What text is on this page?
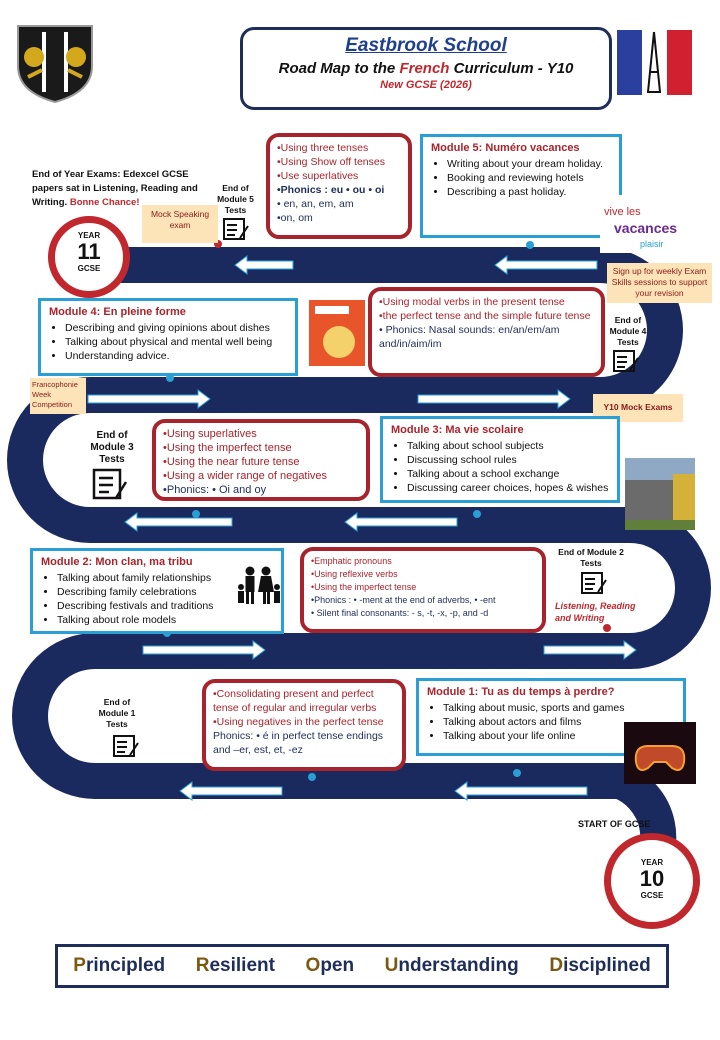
Eastbrook School
Road Map to the French Curriculum - Y10
New GCSE (2026)
End of Year Exams: Edexcel GCSE papers sat in Listening, Reading and Writing. Bonne Chance!
Mock Speaking exam
YEAR
11
GCSE
End of Module 5 Tests
•Using three tenses
•Using Show off tenses
•Use superlatives
•Phonics : eu • ou • oi
• en, an, em, am
•on, om
Module 5: Numéro vacances
• Writing about your dream holiday.
• Booking and reviewing hotels
• Describing a past holiday.
vive les
vacances
plaisir
Sign up for weekly Exam Skills sessions to support your revision
Module 4: En pleine forme
• Describing and giving opinions about dishes
• Talking about physical and mental well being
• Understanding advice.
•Using modal verbs in the present tense
•the perfect tense and the simple future tense
• Phonics: Nasal sounds: en/an/em/am and/in/aim/im
End of Module 4 Tests
Francophonie Week Competition	Y10 Mock Exams
End of Module 3 Tests
•Using superlatives
•Using the imperfect tense
•Using the near future tense
•Using a wider range of negatives
•Phonics: • Oi and oy
Module 3: Ma vie scolaire
• Talking about school subjects
• Discussing school rules
• Talking about a school exchange
• Discussing career choices, hopes & wishes
Module 2: Mon clan, ma tribu
• Talking about family relationships
• Describing family celebrations
• Describing festivals and traditions
• Talking about role models
•Emphatic pronouns
•Using reflexive verbs
•Using the imperfect tense
•Phonics : • -ment at the end of adverbs, • -ent
• Silent final consonants: - s, -t, -x, -p, and -d
End of Module 2 Tests
Listening, Reading and Writing
End of Module 1 Tests
•Consolidating present and perfect tense of regular and irregular verbs
•Using negatives in the perfect tense
Phonics: • é in perfect tense endings and –er, est, et, -ez
Module 1: Tu as du temps à perdre?
• Talking about music, sports and games
• Talking about actors and films
• Talking about your life online
START OF GCSE
YEAR
10
GCSE
Principled Resilient Open Understanding Disciplined
